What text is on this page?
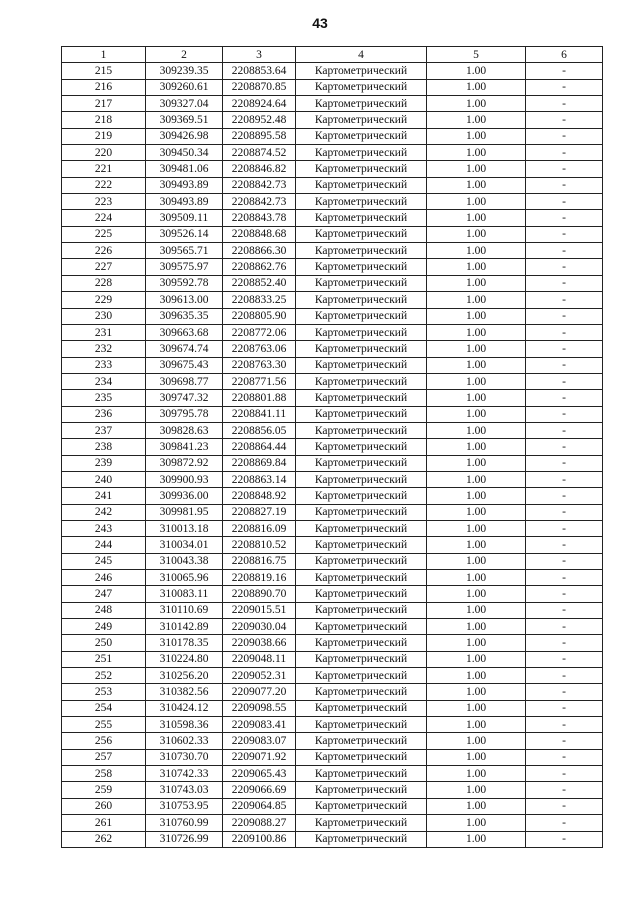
43
1	2	3	4	5	6
215	309239.35	2208853.64	Картометрический	1.00	-
216	309260.61	2208870.85	Картометрический	1.00	-
217	309327.04	2208924.64	Картометрический	1.00	-
218	309369.51	2208952.48	Картометрический	1.00	-
219	309426.98	2208895.58	Картометрический	1.00	-
220	309450.34	2208874.52	Картометрический	1.00	-
221	309481.06	2208846.82	Картометрический	1.00	-
222	309493.89	2208842.73	Картометрический	1.00	-
223	309493.89	2208842.73	Картометрический	1.00	-
224	309509.11	2208843.78	Картометрический	1.00	-
225	309526.14	2208848.68	Картометрический	1.00	-
226	309565.71	2208866.30	Картометрический	1.00	-
227	309575.97	2208862.76	Картометрический	1.00	-
228	309592.78	2208852.40	Картометрический	1.00	-
229	309613.00	2208833.25	Картометрический	1.00	-
230	309635.35	2208805.90	Картометрический	1.00	-
231	309663.68	2208772.06	Картометрический	1.00	-
232	309674.74	2208763.06	Картометрический	1.00	-
233	309675.43	2208763.30	Картометрический	1.00	-
234	309698.77	2208771.56	Картометрический	1.00	-
235	309747.32	2208801.88	Картометрический	1.00	-
236	309795.78	2208841.11	Картометрический	1.00	-
237	309828.63	2208856.05	Картометрический	1.00	-
238	309841.23	2208864.44	Картометрический	1.00	-
239	309872.92	2208869.84	Картометрический	1.00	-
240	309900.93	2208863.14	Картометрический	1.00	-
241	309936.00	2208848.92	Картометрический	1.00	-
242	309981.95	2208827.19	Картометрический	1.00	-
243	310013.18	2208816.09	Картометрический	1.00	-
244	310034.01	2208810.52	Картометрический	1.00	-
245	310043.38	2208816.75	Картометрический	1.00	-
246	310065.96	2208819.16	Картометрический	1.00	-
247	310083.11	2208890.70	Картометрический	1.00	-
248	310110.69	2209015.51	Картометрический	1.00	-
249	310142.89	2209030.04	Картометрический	1.00	-
250	310178.35	2209038.66	Картометрический	1.00	-
251	310224.80	2209048.11	Картометрический	1.00	-
252	310256.20	2209052.31	Картометрический	1.00	-
253	310382.56	2209077.20	Картометрический	1.00	-
254	310424.12	2209098.55	Картометрический	1.00	-
255	310598.36	2209083.41	Картометрический	1.00	-
256	310602.33	2209083.07	Картометрический	1.00	-
257	310730.70	2209071.92	Картометрический	1.00	-
258	310742.33	2209065.43	Картометрический	1.00	-
259	310743.03	2209066.69	Картометрический	1.00	-
260	310753.95	2209064.85	Картометрический	1.00	-
261	310760.99	2209088.27	Картометрический	1.00	-
262	310726.99	2209100.86	Картометрический	1.00	-
